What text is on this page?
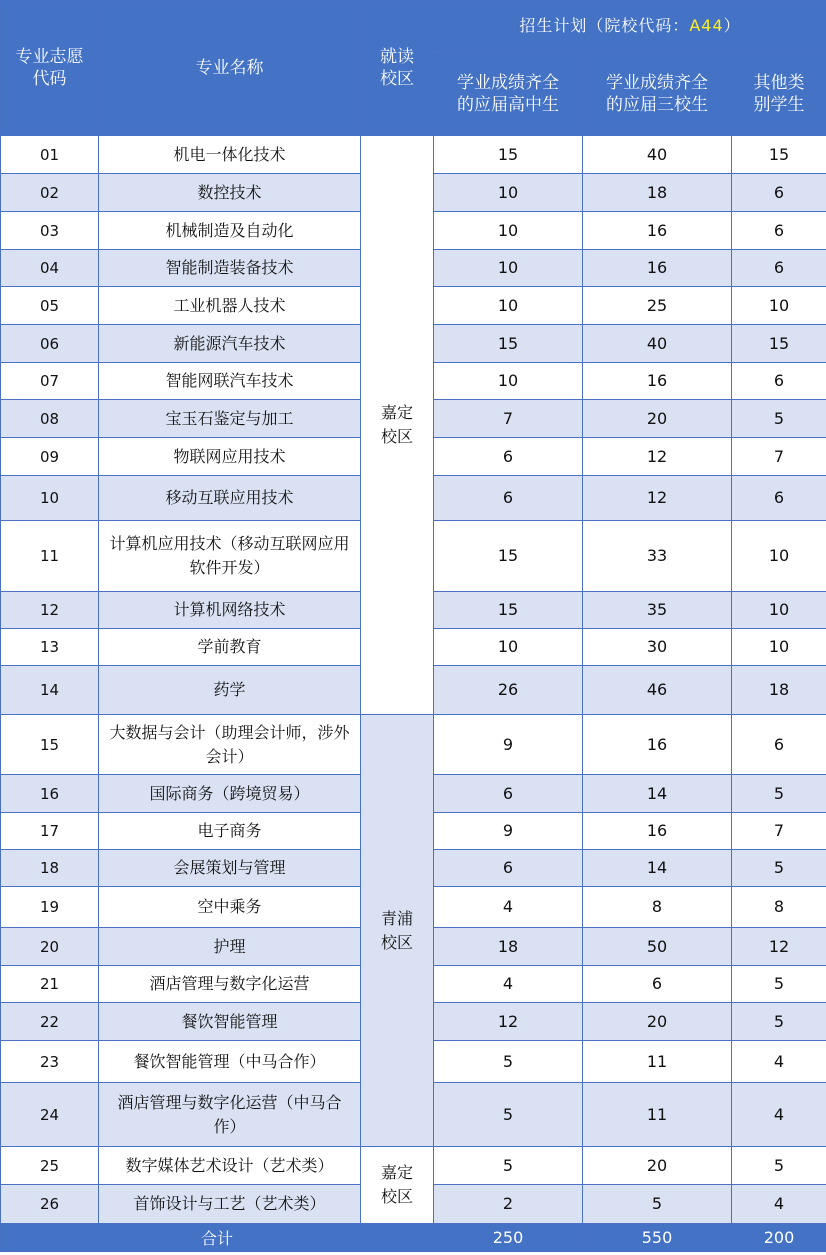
专业志愿代码	专业名称	就读校区	招生计划（院校代码：A44）		
			学业成绩齐全的应届高中生	学业成绩齐全的应届三校生	其他类别学生
01	机电一体化技术	嘉定校区	15	40	15
02	数控技术		10	18	6
03	机械制造及自动化		10	16	6
04	智能制造装备技术		10	16	6
05	工业机器人技术		10	25	10
06	新能源汽车技术		15	40	15
07	智能网联汽车技术		10	16	6
08	宝玉石鉴定与加工		7	20	5
09	物联网应用技术		6	12	7
10	移动互联应用技术		6	12	6
11	计算机应用技术（移动互联网应用软件开发）		15	33	10
12	计算机网络技术		15	35	10
13	学前教育		10	30	10
14	药学		26	46	18
15	大数据与会计（助理会计师，涉外会计）	青浦校区	9	16	6
16	国际商务（跨境贸易）		6	14	5
17	电子商务		9	16	7
18	会展策划与管理		6	14	5
19	空中乘务		4	8	8
20	护理		18	50	12
21	酒店管理与数字化运营		4	6	5
22	餐饮智能管理		12	20	5
23	餐饮智能管理（中马合作）		5	11	4
24	酒店管理与数字化运营（中马合作）		5	11	4
25	数字媒体艺术设计（艺术类）	嘉定校区	5	20	5
26	首饰设计与工艺（艺术类）		2	5	4
合计			250	550	200
